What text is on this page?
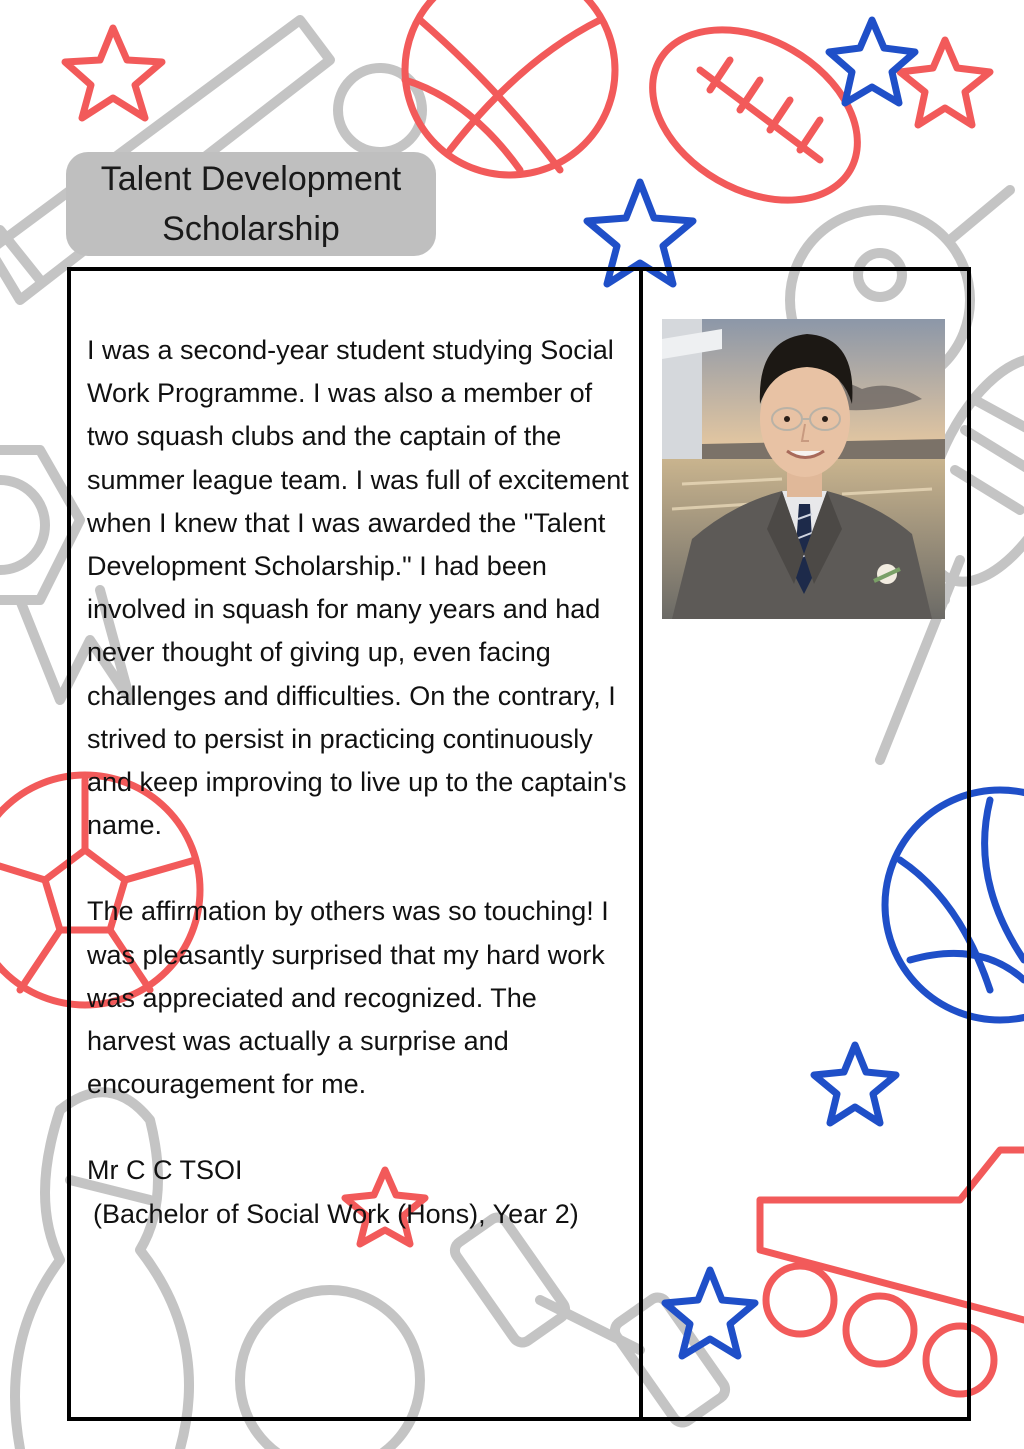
Talent Development
Scholarship

I was a second-year student studying Social Work Programme. I was also a member of two squash clubs and the captain of the summer league team. I was full of excitement when I knew that I was awarded the "Talent Development Scholarship." I had been involved in squash for many years and had never thought of giving up, even facing challenges and difficulties. On the contrary, I strived to persist in practicing continuously and keep improving to live up to the captain's name.

The affirmation by others was so touching! I was pleasantly surprised that my hard work was appreciated and recognized. The harvest was actually a surprise and encouragement for me.

Mr C C TSOI
(Bachelor of Social Work (Hons), Year 2)
